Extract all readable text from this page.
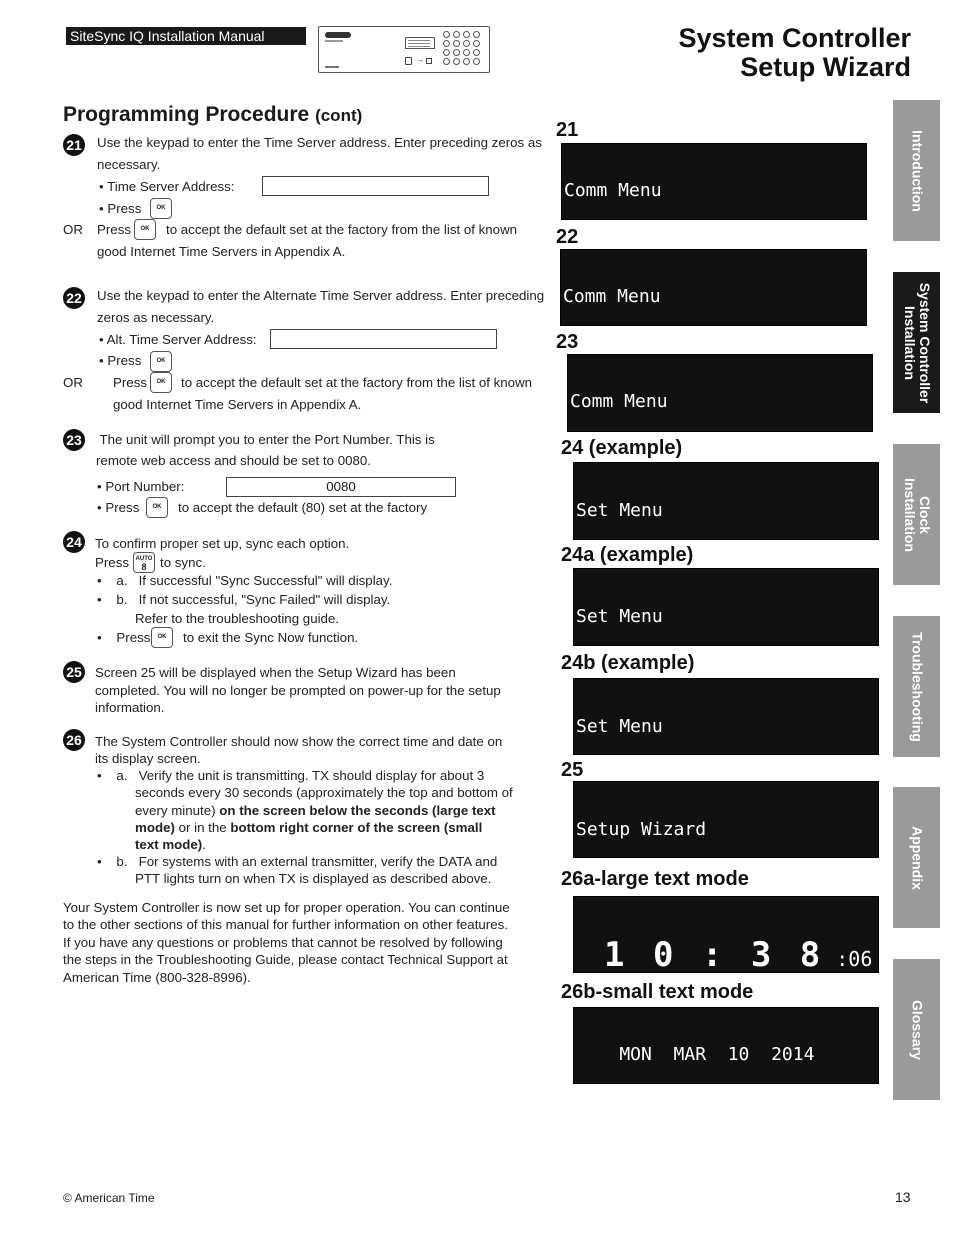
SiteSync IQ Installation Manual
→
System Controller
Setup Wizard
Programming Procedure (cont)
21 Use the keypad to enter the Time Server address. Enter preceding zeros as
necessary.
• Time Server Address:
• Press	OK
OR Press	OK	to accept the default set at the factory from the list of known
good Internet Time Servers in Appendix A.
22 Use the keypad to enter the Alternate Time Server address. Enter preceding
zeros as necessary.
• Alt. Time Server Address:
• Press	OK
OR Press	OK	to accept the default set at the factory from the list of known
good Internet Time Servers in Appendix A.
23 The unit will prompt you to enter the Port Number. This is
remote web access and should be set to 0080.
• Port Number:	0080
• Press	OK	to accept the default (80) set at the factory
24 To confirm proper set up, sync each option.
Press	AUTO
8	to sync.
•    a.   If successful "Sync Successful" will display.
•    b.   If not successful, "Sync Failed" will display.
Refer to the troubleshooting guide.
•    Press	OK	to exit the Sync Now function.
25 Screen 25 will be displayed when the Setup Wizard has been
completed. You will no longer be prompted on power-up for the setup
information.
26 The System Controller should now show the correct time and date on
its display screen.
•    a.   Verify the unit is transmitting. TX should display for about 3
seconds every 30 seconds (approximately the top and bottom of
every minute) on the screen below the seconds (large text
mode) or in the bottom right corner of the screen (small
text mode).
•    b.   For systems with an external transmitter, verify the DATA and
PTT lights turn on when TX is displayed as described above.
Your System Controller is now set up for proper operation. You can continue
to the other sections of this manual for further information on other features.
If you have any questions or problems that cannot be resolved by following
the steps in the Troubleshooting Guide, please contact Technical Support at
American Time (800-328-8996).
21

Comm Menu

22

Comm Menu

23

Comm Menu

24 (example)

Set Menu

24a (example)

Set Menu

24b (example)

Set Menu

25

Setup Wizard

26a-large text mode

1 0 : 3 8 :06

26b-small text mode

MON  MAR  10  2014

Introduction
System Controller
Installation
Clock
Installation
Troubleshooting
Appendix
Glossary
© American Time	13
